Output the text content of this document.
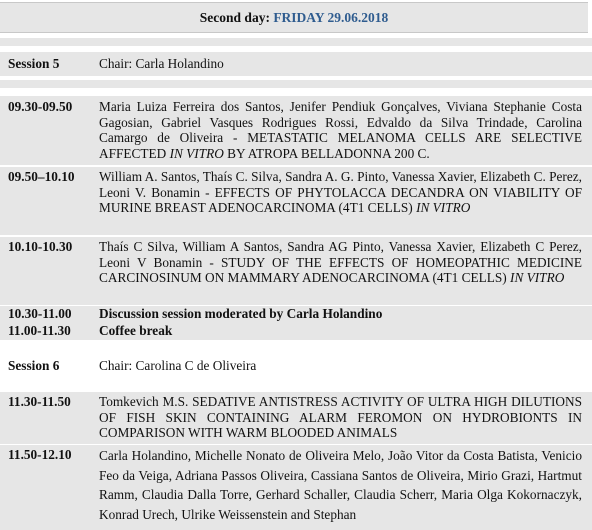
Second day: FRIDAY 29.06.2018
Session 5	Chair: Carla Holandino
09.30-09.50 Maria Luiza Ferreira dos Santos, Jenifer Pendiuk Gonçalves, Viviana Stephanie Costa Gagosian, Gabriel Vasques Rodrigues Rossi, Edvaldo da Silva Trindade, Carolina Camargo de Oliveira - METASTATIC MELANOMA CELLS ARE SELECTIVE AFFECTED IN VITRO BY ATROPA BELLADONNA 200 C.
09.50–10.10 William A. Santos, Thaís C. Silva, Sandra A. G. Pinto, Vanessa Xavier, Elizabeth C. Perez, Leoni V. Bonamin - EFFECTS OF PHYTOLACCA DECANDRA ON VIABILITY OF MURINE BREAST ADENOCARCINOMA (4T1 CELLS) IN VITRO
10.10-10.30 Thaís C Silva, William A Santos, Sandra AG Pinto, Vanessa Xavier, Elizabeth C Perez, Leoni V Bonamin - STUDY OF THE EFFECTS OF HOMEOPATHIC MEDICINE CARCINOSINUM ON MAMMARY ADENOCARCINOMA (4T1 CELLS) IN VITRO
10.30-11.00 Discussion session moderated by Carla Holandino
11.00-11.30 Coffee break
Session 6	Chair: Carolina C de Oliveira
11.30-11.50 Tomkevich M.S. SEDATIVE ANTISTRESS ACTIVITY OF ULTRA HIGH DILUTIONS OF FISH SKIN CONTAINING ALARM FEROMON ON HYDROBIONTS IN COMPARISON WITH WARM BLOODED ANIMALS
11.50-12.10 Carla Holandino, Michelle Nonato de Oliveira Melo, João Vitor da Costa Batista, Venicio Feo da Veiga, Adriana Passos Oliveira, Cassiana Santos de Oliveira, Mirio Grazi, Hartmut Ramm, Claudia Dalla Torre, Gerhard Schaller, Claudia Scherr, Maria Olga Kokornaczyk, Konrad Urech, Ulrike Weissenstein and Stephan
